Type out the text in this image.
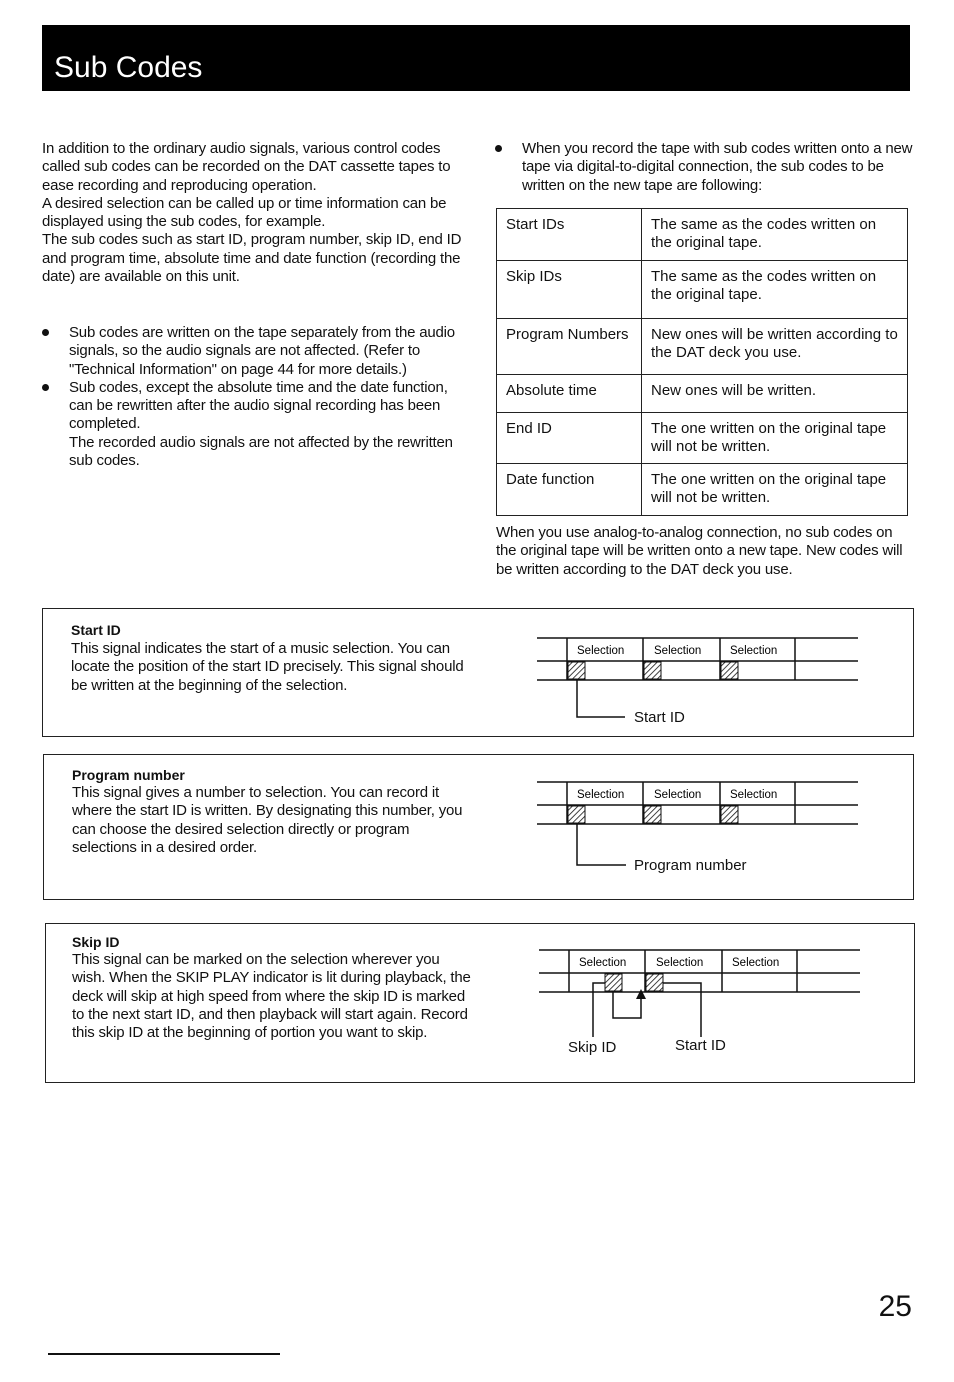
Sub Codes

In addition to the ordinary audio signals, various control codes called sub codes can be recorded on the DAT cassette tapes to ease recording and reproducing operation.

A desired selection can be called up or time information can be displayed using the sub codes, for example.

The sub codes such as start ID, program number, skip ID, end ID and program time, absolute time and date function (recording the date) are available on this unit.

Sub codes are written on the tape separately from the audio signals, so the audio signals are not affected. (Refer to "Technical Information" on page 44 for more details.)
Sub codes, except the absolute time and the date function, can be rewritten after the audio signal recording has been completed.
The recorded audio signals are not affected by the rewritten sub codes.
When you record the tape with sub codes written onto a new tape via digital-to-digital connection, the sub codes to be written on the new tape are following:
Start IDs	The same as the codes written on the original tape.
Skip IDs	The same as the codes written on the original tape.
Program Numbers	New ones will be written according to the DAT deck you use.
Absolute time	New ones will be written.
End ID	The one written on the original tape will not be written.
Date function	The one written on the original tape will not be written.
When you use analog-to-analog connection, no sub codes on the original tape will be written onto a new tape. New codes will be written according to the DAT deck you use.
Start ID
This signal indicates the start of a music selection. You can locate the position of the start ID precisely. This signal should be written at the beginning of the selection.
Selection	Selection Selection
Start ID
Program number
This signal gives a number to selection. You can record it where the start ID is written. By designating this number, you can choose the desired selection directly or program selections in a desired order.
Selection	Selection Selection
Program number
Skip ID
This signal can be marked on the selection wherever you wish. When the SKIP PLAY indicator is lit during playback, the deck will skip at high speed from where the skip ID is marked to the next start ID, and then playback will start again. Record this skip ID at the beginning of portion you want to skip.
Selection	Selection Selection
Skip ID	Start ID
25
